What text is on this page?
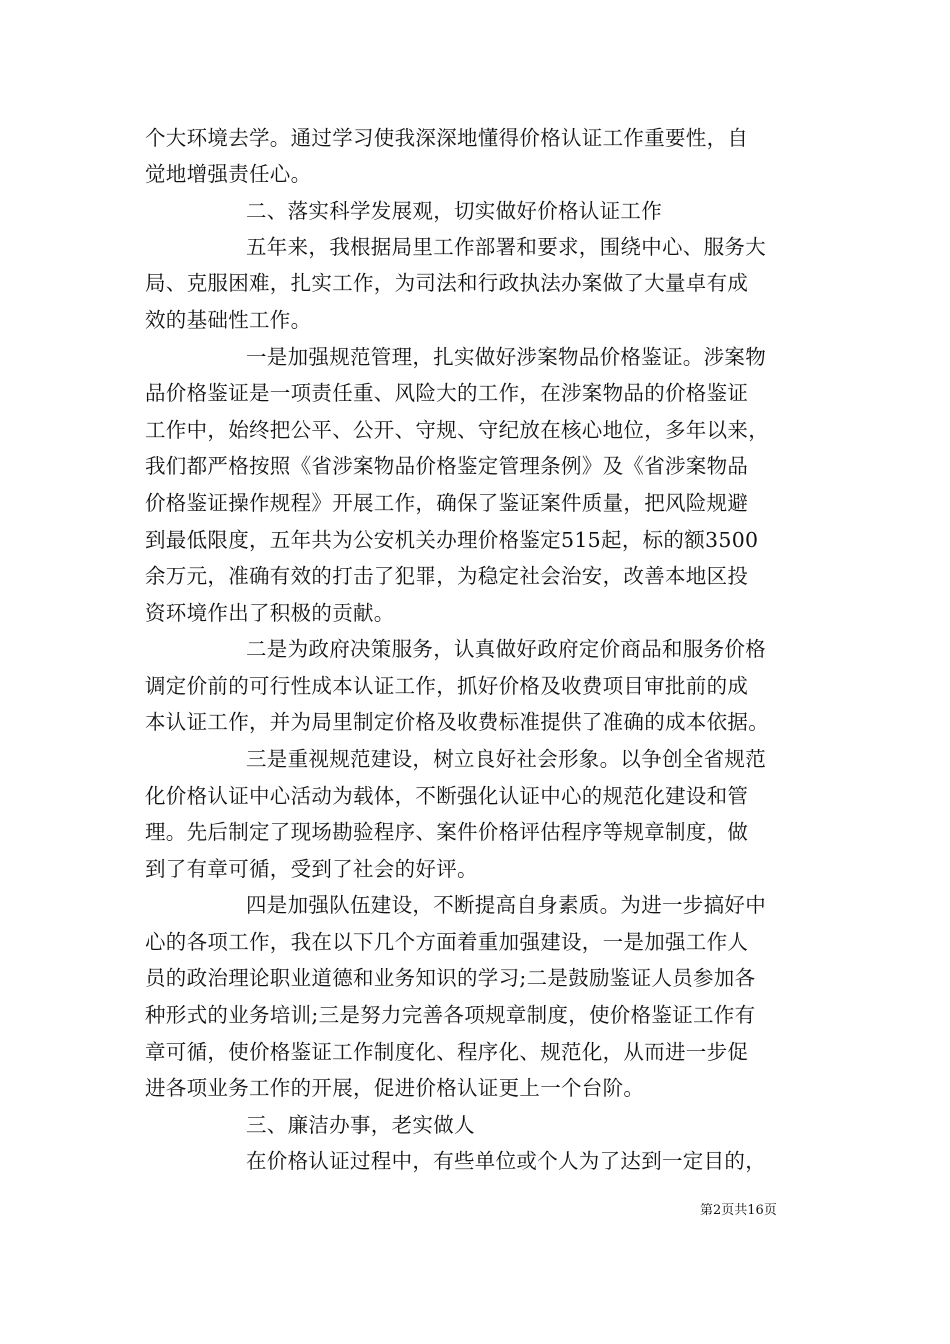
个大环境去学。通过学习使我深深地懂得价格认证工作重要性，自
觉地增强责任心。
二、落实科学发展观，切实做好价格认证工作
五年来，我根据局里工作部署和要求，围绕中心、服务大
局、克服困难，扎实工作，为司法和行政执法办案做了大量卓有成
效的基础性工作。
一是加强规范管理，扎实做好涉案物品价格鉴证。涉案物
品价格鉴证是一项责任重、风险大的工作，在涉案物品的价格鉴证
工作中，始终把公平、公开、守规、守纪放在核心地位，多年以来，
我们都严格按照《省涉案物品价格鉴定管理条例》及《省涉案物品
价格鉴证操作规程》开展工作，确保了鉴证案件质量，把风险规避
到最低限度，五年共为公安机关办理价格鉴定515起，标的额3500
余万元，准确有效的打击了犯罪，为稳定社会治安，改善本地区投
资环境作出了积极的贡献。
二是为政府决策服务，认真做好政府定价商品和服务价格
调定价前的可行性成本认证工作，抓好价格及收费项目审批前的成
本认证工作，并为局里制定价格及收费标准提供了准确的成本依据。
三是重视规范建设，树立良好社会形象。以争创全省规范
化价格认证中心活动为载体，不断强化认证中心的规范化建设和管
理。先后制定了现场勘验程序、案件价格评估程序等规章制度，做
到了有章可循，受到了社会的好评。
四是加强队伍建设，不断提高自身素质。为进一步搞好中
心的各项工作，我在以下几个方面着重加强建设，一是加强工作人
员的政治理论职业道德和业务知识的学习;二是鼓励鉴证人员参加各
种形式的业务培训;三是努力完善各项规章制度，使价格鉴证工作有
章可循，使价格鉴证工作制度化、程序化、规范化，从而进一步促
进各项业务工作的开展，促进价格认证更上一个台阶。
三、廉洁办事，老实做人
在价格认证过程中，有些单位或个人为了达到一定目的，
第2页共16页
